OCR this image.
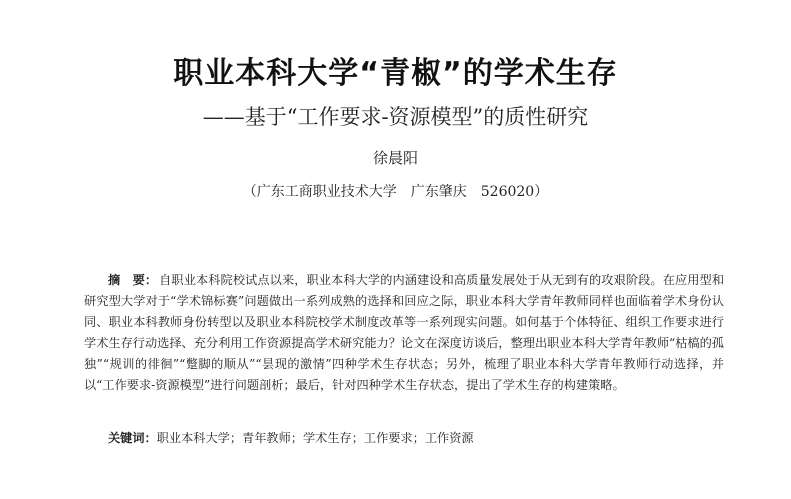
职业本科大学“青椒”的学术生存
——基于“工作要求-资源模型”的质性研究
徐晨阳
（广东工商职业技术大学　广东肇庆　526020）
摘　要： 自职业本科院校试点以来，职业本科大学的内涵建设和高质量发展处于从无到有的攻艰阶段。在应用型和研究型大学对于“学术锦标赛”问题做出一系列成熟的选择和回应之际，职业本科大学青年教师同样也面临着学术身份认同、职业本科教师身份转型以及职业本科院校学术制度改革等一系列现实问题。如何基于个体特征、组织工作要求进行学术生存行动选择、充分利用工作资源提高学术研究能力？论文在深度访谈后，整理出职业本科大学青年教师“枯槁的孤独”“规训的徘徊”“蹩脚的顺从”“昙现的激情”四种学术生存状态；另外，梳理了职业本科大学青年教师行动选择，并以“工作要求-资源模型”进行问题剖析；最后，针对四种学术生存状态，提出了学术生存的构建策略。
关键词：职业本科大学；青年教师；学术生存；工作要求；工作资源
